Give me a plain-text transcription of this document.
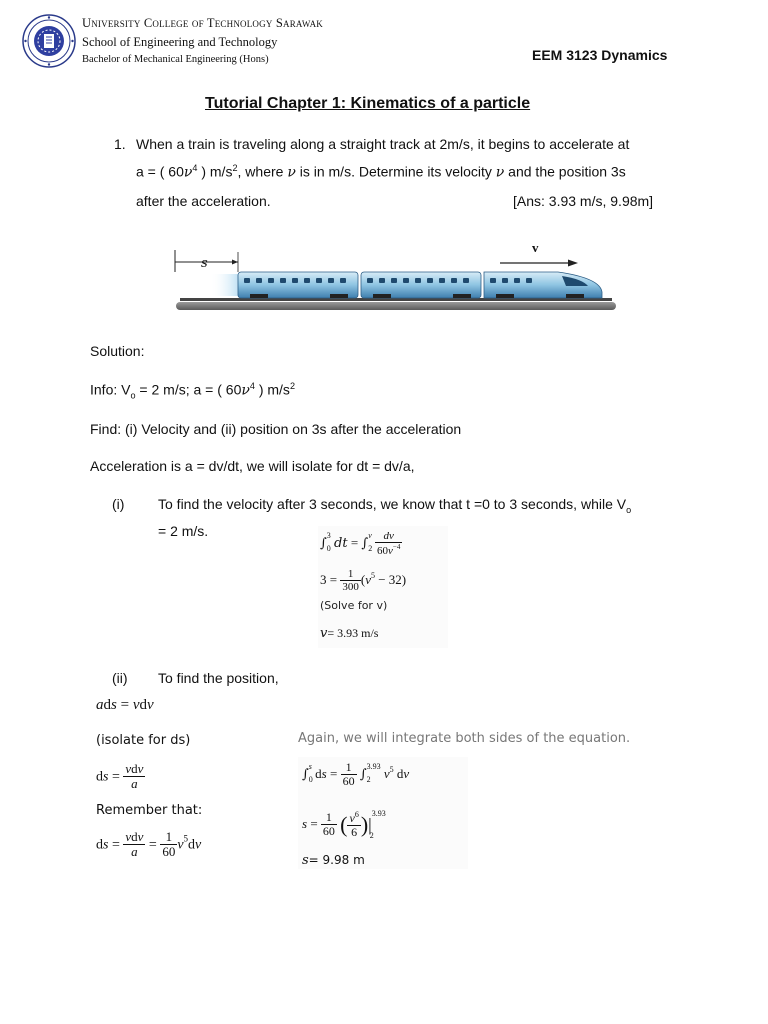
University College of Technology Sarawak
School of Engineering and Technology
Bachelor of Mechanical Engineering (Hons)	EEM 3123 Dynamics
Tutorial Chapter 1: Kinematics of a particle
1. When a train is traveling along a straight track at 2m/s, it begins to accelerate at
a = ( $60\nu^4$ ) $m/s^2$, where ν is in m/s. Determine its velocity ν and the position 3s
after the acceleration.	[Ans: 3.93 m/s, 9.98m]
s
v
Solution:
Info: $V_o = 2$ m/s; a = ( $60\nu^4$ ) $m/s^2$
Find: (i) Velocity and (ii) position on 3s after the acceleration
Acceleration is a = dv/dt, we will isolate for dt = dv/a,
(i) To find the velocity after 3 seconds, we know that t =0 to 3 seconds, while $V_o$
= 2 m/s.
$\int_0^3$ dt = $\int_2^v \frac{dv}{60v^{-4}}$
$3 = \frac{1}{300} (v^5 - 32)$
(Solve for v)
v= 3.93 m/s
(ii) To find the position,
ads = vdv
(isolate for ds)
ds = $\frac{\text{vdv}}{a}$
Remember that:
ds = $\frac{\text{vdv}}{a} = \frac{1}{60} v^5dv$
Again, we will integrate both sides of the equation.
$\int_0^s$ ds = $\frac{1}{60} \int_2^{3.93}$ $v^5$ dv
$s = \frac{1}{60}$ ( $\frac{v^6}{6} )|^{3.93}_2$
s= 9.98 m
